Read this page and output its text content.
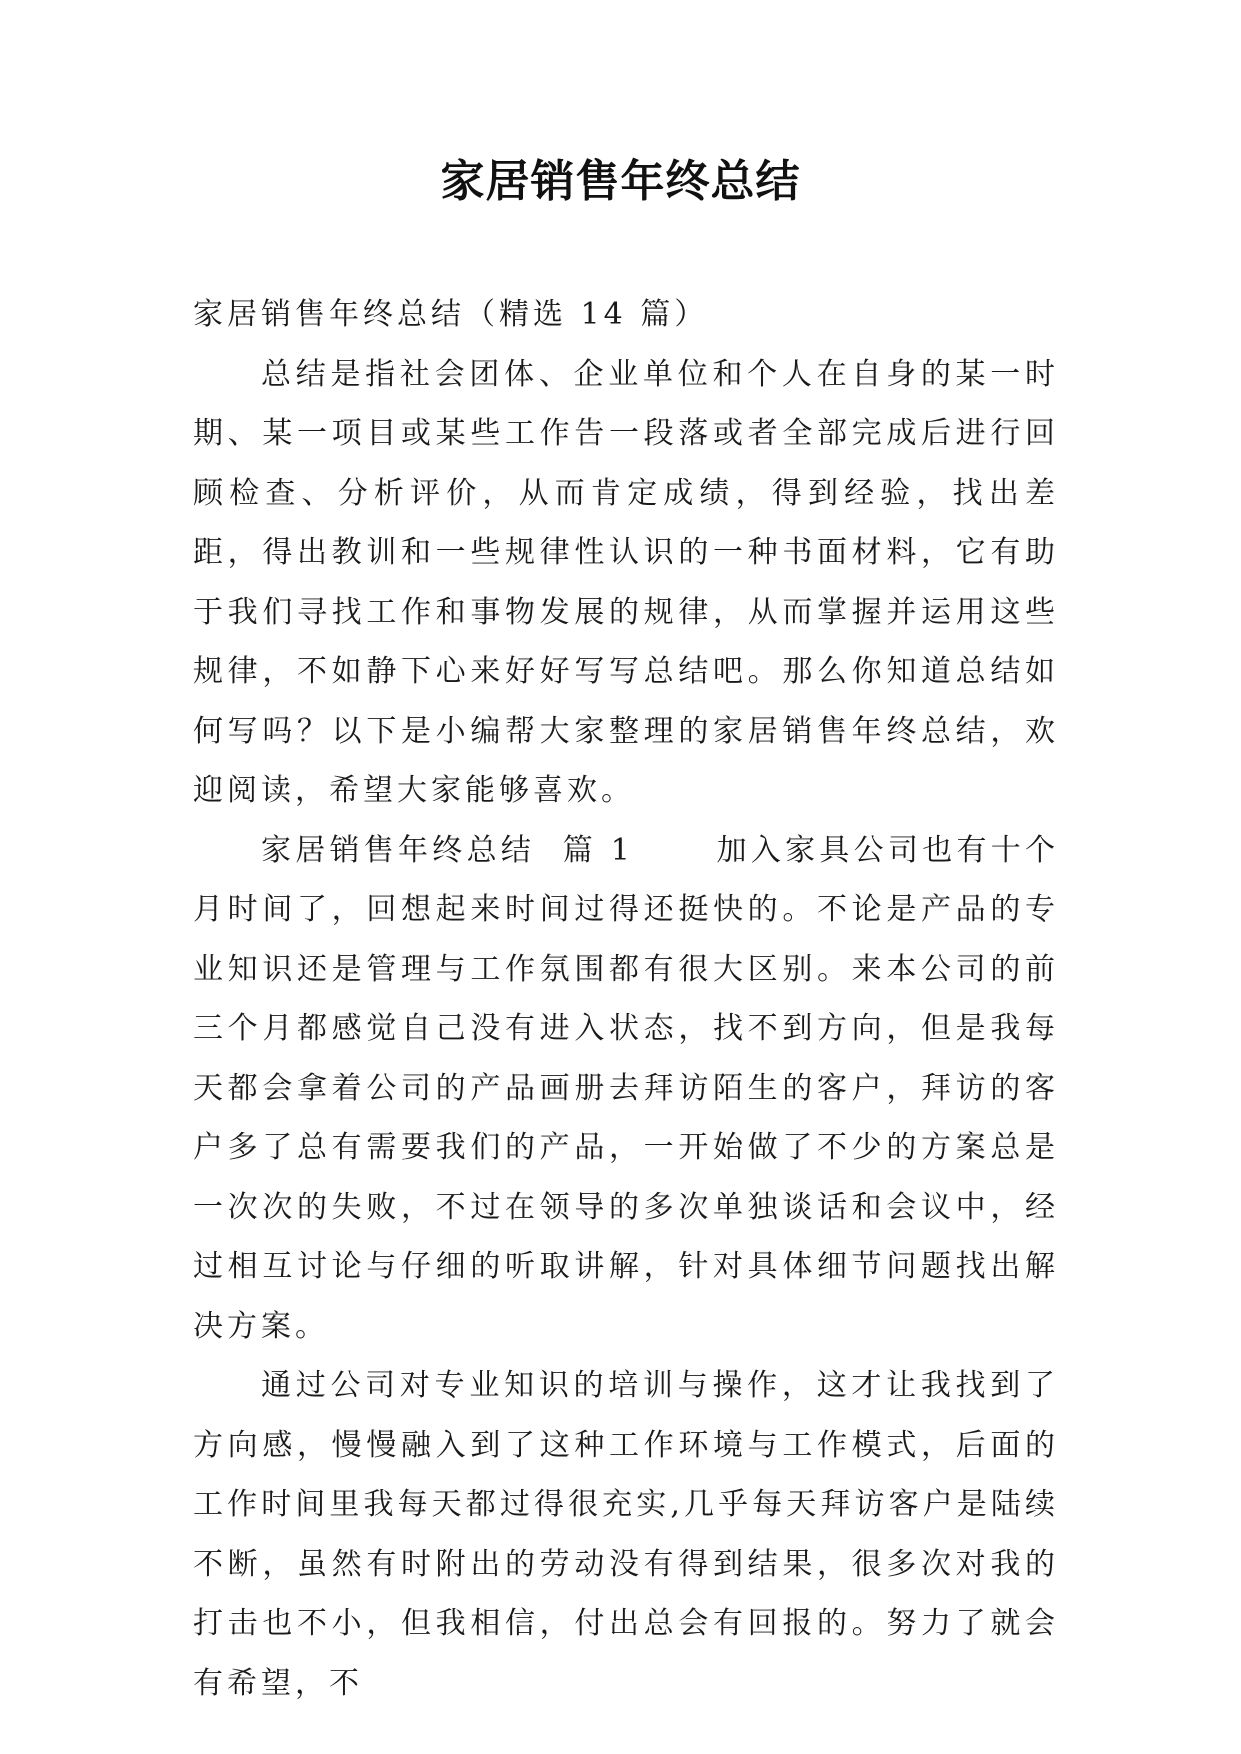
家居销售年终总结

家居销售年终总结（精选 14 篇）

总结是指社会团体、企业单位和个人在自身的某一时期、某一项目或某些工作告一段落或者全部完成后进行回顾检查、分析评价，从而肯定成绩，得到经验，找出差距，得出教训和一些规律性认识的一种书面材料，它有助于我们寻找工作和事物发展的规律，从而掌握并运用这些规律，不如静下心来好好写写总结吧。那么你知道总结如何写吗？以下是小编帮大家整理的家居销售年终总结，欢迎阅读，希望大家能够喜欢。

家居销售年终总结  篇 1      加入家具公司也有十个月时间了，回想起来时间过得还挺快的。不论是产品的专业知识还是管理与工作氛围都有很大区别。来本公司的前三个月都感觉自己没有进入状态，找不到方向，但是我每天都会拿着公司的产品画册去拜访陌生的客户，拜访的客户多了总有需要我们的产品，一开始做了不少的方案总是一次次的失败，不过在领导的多次单独谈话和会议中，经过相互讨论与仔细的听取讲解，针对具体细节问题找出解决方案。

通过公司对专业知识的培训与操作，这才让我找到了方向感，慢慢融入到了这种工作环境与工作模式，后面的工作时间里我每天都过得很充实,几乎每天拜访客户是陆续不断，虽然有时附出的劳动没有得到结果，很多次对我的打击也不小，但我相信，付出总会有回报的。努力了就会有希望，不
